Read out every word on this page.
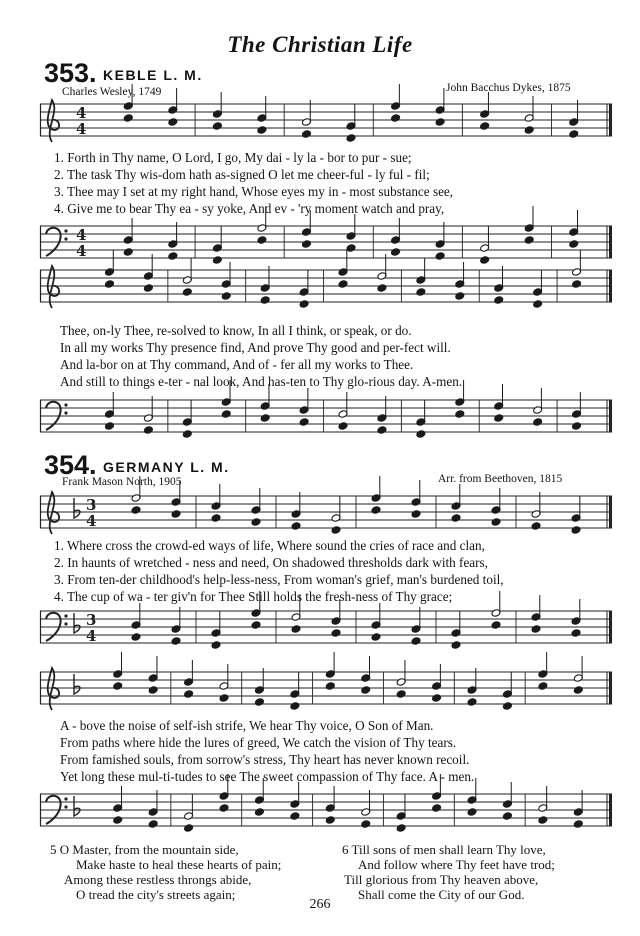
The Christian Life
353. KEBLE L. M.
Charles Wesley, 1749	John Bacchus Dykes, 1875
4
4
1. Forth in Thy name, O Lord, I go, My dai - ly la - bor to pur - sue;
2. The task Thy wis-dom hath as-signed O let me cheer-ful - ly ful - fil;
3. Thee may I set at my right hand, Whose eyes my in - most substance see,
4. Give me to bear Thy ea - sy yoke, And ev - 'ry moment watch and pray,
4
4
Thee, on-ly Thee, re-solved to know, In all I think, or speak, or do.
In all my works Thy presence find, And prove Thy good and per-fect will.
And la-bor on at Thy command, And of - fer all my works to Thee.
And still to things e-ter - nal look, And has-ten to Thy glo-rious day. A-men.
354. GERMANY L. M.
Frank Mason North, 1905	Arr. from Beethoven, 1815
3
4
1. Where cross the crowd-ed ways of life, Where sound the cries of race and clan,
2. In haunts of wretched - ness and need, On shadowed thresholds dark with fears,
3. From ten-der childhood's help-less-ness, From woman's grief, man's burdened toil,
4. The cup of wa - ter giv'n for Thee Still holds the fresh-ness of Thy grace;
3
4
A - bove the noise of self-ish strife, We hear Thy voice, O Son of Man.
From paths where hide the lures of greed, We catch the vision of Thy tears.
From famished souls, from sorrow's stress, Thy heart has never known recoil.
Yet long these mul-ti-tudes to see The sweet compassion of Thy face. A - men.
5 O Master, from the mountain side,
Make haste to heal these hearts of pain;
Among these restless throngs abide,
O tread the city's streets again;
6 Till sons of men shall learn Thy love,
And follow where Thy feet have trod;
Till glorious from Thy heaven above,
Shall come the City of our God.
266
